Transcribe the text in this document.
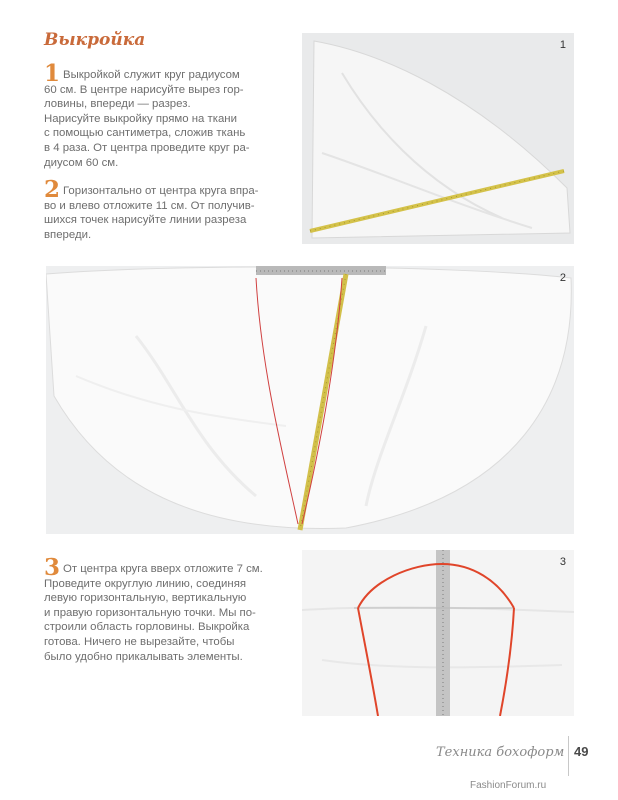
Выкройка

1 Выкройкой служит круг радиусом

60 см. В центре нарисуйте вырез гор-

ловины, впереди — разрез.

Нарисуйте выкройку прямо на ткани

с помощью сантиметра, сложив ткань

в 4 раза. От центра проведите круг ра-

диусом 60 см.

2 Горизонтально от центра круга впра-

во и влево отложите 11 см. От получив-

шихся точек нарисуйте линии разреза

впереди.

3 От центра круга вверх отложите 7 см.

Проведите округлую линию, соединяя

левую горизонтальную, вертикальную

и правую горизонтальную точки. Мы по-

строили область горловины. Выкройка

готова. Ничего не вырезайте, чтобы

было удобно прикалывать элементы.

1
2
3
Техника бохоформ 49
FashionForum.ru
